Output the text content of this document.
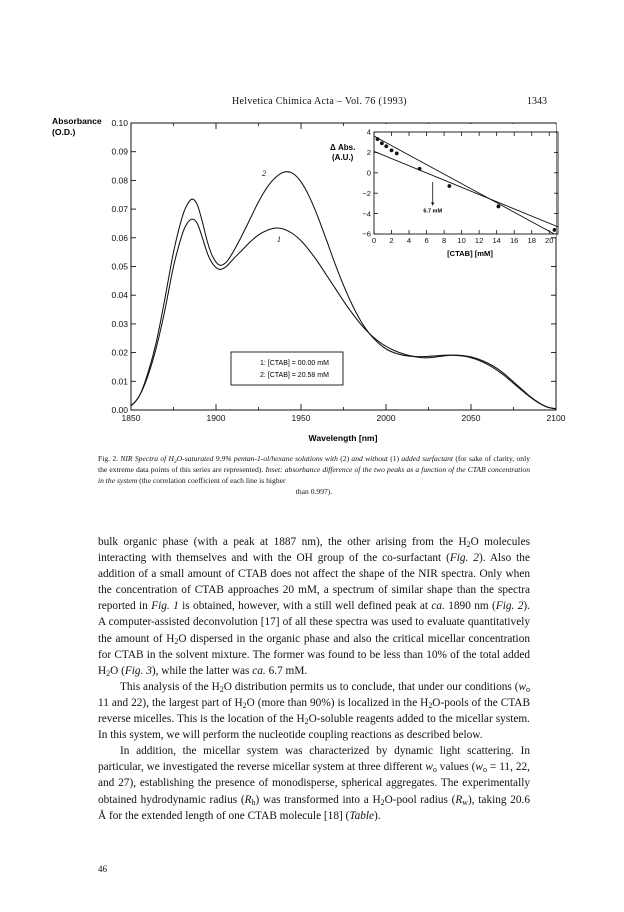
Helvetica Chimica Acta – Vol. 76 (1993)	1343
0.00
0.01
0.02
0.03
0.04
0.05
0.06
0.07
0.08
0.09
0.10
1850	1900	1950	2000	2050	2100
Absorbance
(O.D.)
Wavelength [nm]
2
1
1: [CTAB] = 00.00 mM
2: [CTAB] = 20.58 mM
4
2
0
−2
−4
−6
0 2 4 6 8 10 12 14 16 18 20
Δ Abs.
(A.U.)
[CTAB] [mM]
6.7 mM
Fig. 2. NIR Spectra of $H_2O$-saturated 9.9% pentan-1-ol/hexane solutions with (2) and without (1) added surfactant (for sake of clarity, only the extreme data points of this series are represented). Inset: absorbance difference of the two peaks as a function of the CTAB concentration in the system (the correlation coefficient of each line is higher
than 0.997).

bulk organic phase (with a peak at 1887 nm), the other arising from the $H_2O$ molecules interacting with themselves and with the OH group of the co-surfactant (Fig. 2). Also the addition of a small amount of CTAB does not affect the shape of the NIR spectra. Only when the concentration of CTAB approaches 20 mM, a spectrum of similar shape than the spectra reported in Fig. 1 is obtained, however, with a still well defined peak at ca. 1890 nm (Fig. 2). A computer-assisted deconvolution [17] of all these spectra was used to evaluate quantitatively the amount of $H_2O$ dispersed in the organic phase and also the critical micellar concentration for CTAB in the solvent mixture. The former was found to be less than 10% of the total added $H_2O$ (Fig. 3), while the latter was ca. 6.7 mM.

This analysis of the $H_2O$ distribution permits us to conclude, that under our conditions ($w_o$ 11 and 22), the largest part of $H_2O$ (more than 90%) is localized in the $H_2O$-pools of the CTAB reverse micelles. This is the location of the $H_2O$-soluble reagents added to the micellar system. In this system, we will perform the nucleotide coupling reactions as described below.

In addition, the micellar system was characterized by dynamic light scattering. In particular, we investigated the reverse micellar system at three different $w_o$ values ($w_o = 11$, 22, and 27), establishing the presence of monodisperse, spherical aggregates. The experimentally obtained hydrodynamic radius $(R_h)$ was transformed into a $H_2O$-pool radius $(R_w)$, taking 20.6 Å for the extended length of one CTAB molecule [18] (Table).

46
